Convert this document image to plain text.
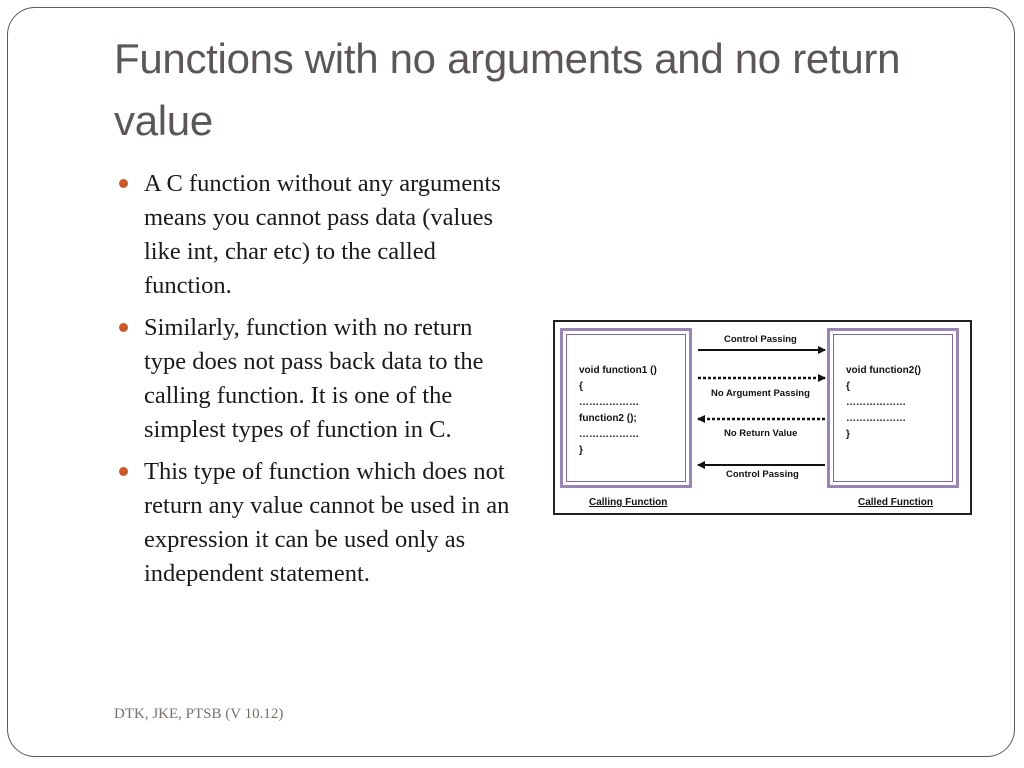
Functions with no arguments and no return value
A C function without any arguments means you cannot pass data (values like int, char etc) to the called function.
Similarly, function with no return type does not pass back data to the calling function. It is one of the simplest types of function in C.
This type of function which does not return any value cannot be used in an expression it can be used only as independent statement.
void function1 ()
{
………………
function2 ();
………………
}
void function2()
{
………………
………………
}
Control Passing
No Argument Passing
No Return Value
Control Passing
Calling Function	Called Function
DTK, JKE, PTSB (V 10.12)
